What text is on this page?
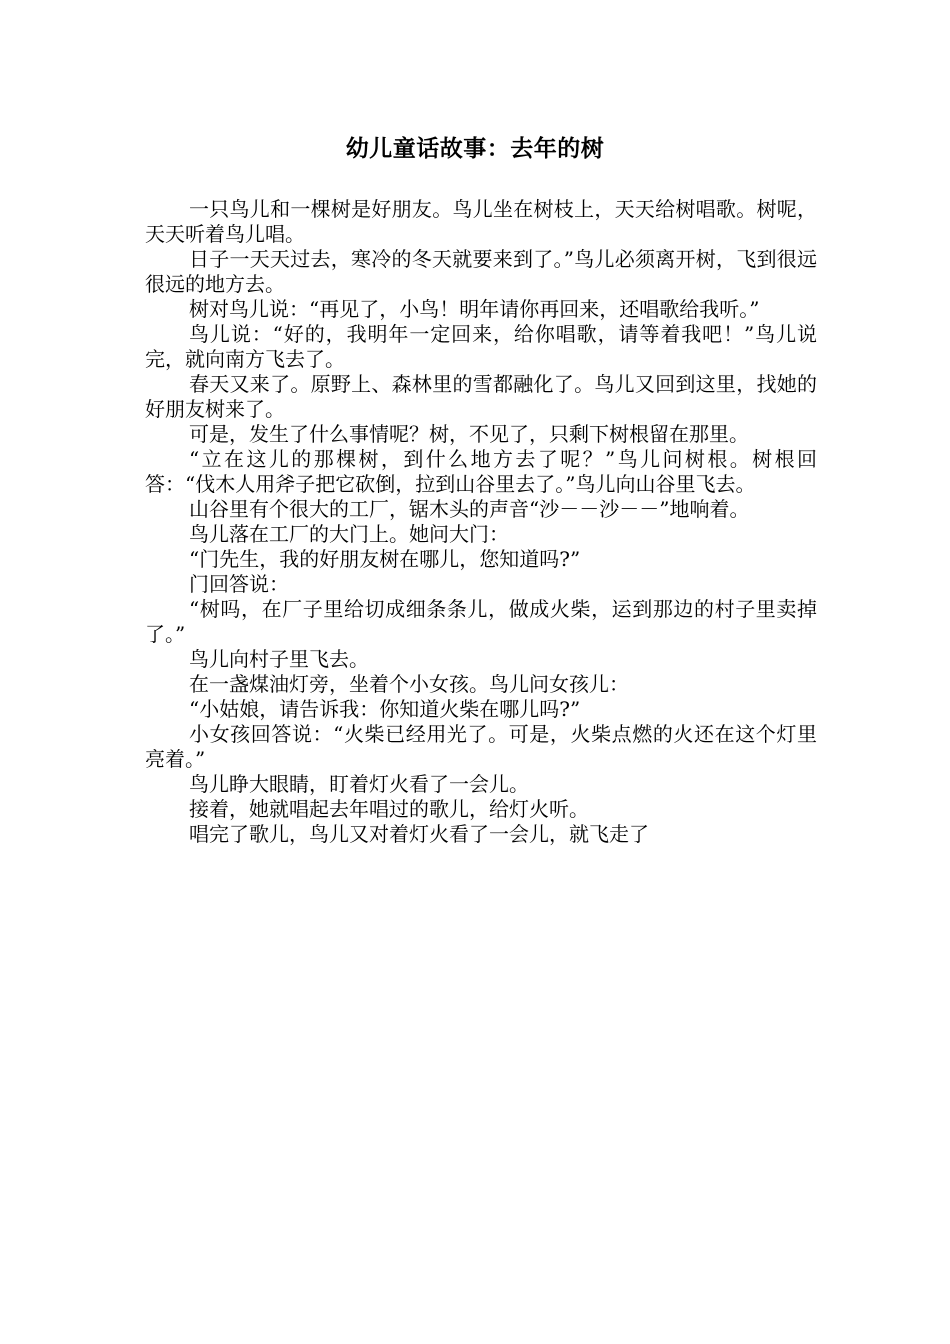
幼儿童话故事：去年的树

一只鸟儿和一棵树是好朋友。鸟儿坐在树枝上，天天给树唱歌。树呢，天天听着鸟儿唱。

日子一天天过去，寒冷的冬天就要来到了。”鸟儿必须离开树，飞到很远很远的地方去。

树对鸟儿说：“再见了，小鸟！明年请你再回来，还唱歌给我听。”

鸟儿说：“好的，我明年一定回来，给你唱歌，请等着我吧！”鸟儿说完，就向南方飞去了。

春天又来了。原野上、森林里的雪都融化了。鸟儿又回到这里，找她的好朋友树来了。

可是，发生了什么事情呢？树，不见了，只剩下树根留在那里。

“立在这儿的那棵树，到什么地方去了呢？”鸟儿问树根。树根回答：“伐木人用斧子把它砍倒，拉到山谷里去了。”鸟儿向山谷里飞去。

山谷里有个很大的工厂，锯木头的声音“沙－－沙－－”地响着。

鸟儿落在工厂的大门上。她问大门：

“门先生，我的好朋友树在哪儿，您知道吗?”

门回答说：

“树吗，在厂子里给切成细条条儿，做成火柴，运到那边的村子里卖掉了。”

鸟儿向村子里飞去。

在一盏煤油灯旁，坐着个小女孩。鸟儿问女孩儿：

“小姑娘，请告诉我：你知道火柴在哪儿吗?”

小女孩回答说：“火柴已经用光了。可是，火柴点燃的火还在这个灯里亮着。”

鸟儿睁大眼睛，盯着灯火看了一会儿。

接着，她就唱起去年唱过的歌儿，给灯火听。

唱完了歌儿，鸟儿又对着灯火看了一会儿，就飞走了
